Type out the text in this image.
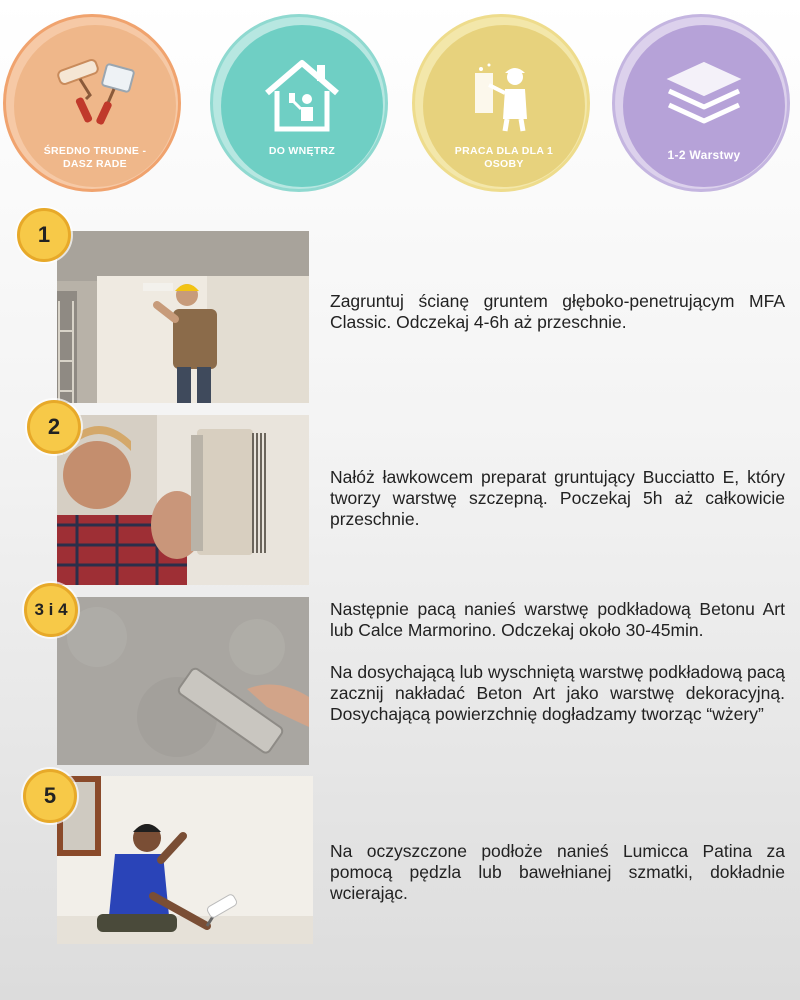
ŚREDNO TRUDNE - DASZ RADE
DO WNĘTRZ	PRACA DLA DLA 1 OSOBY
1-2 Warstwy
1

Zagruntuj ścianę gruntem głęboko-penetrującym MFA Classic. Odczekaj 4-6h aż przeschnie.

2

Nałóż ławkowcem preparat gruntujący Bucciatto E, który tworzy warstwę szczepną. Poczekaj 5h aż całkowicie przeschnie.

3 i 4	Następnie pacą nanieś warstwę podkładową Betonu Art lub Calce Marmorino. Odczekaj około 30-45min.

Na dosychającą lub wyschniętą warstwę podkładową pacą zacznij nakładać Beton Art jako warstwę dekoracyjną. Dosychającą powierzchnię dogładzamy tworząc “wżery”

5

Na oczyszczone podłoże nanieś Lumicca Patina za pomocą pędzla lub bawełnianej szmatki, dokładnie wcierając.
